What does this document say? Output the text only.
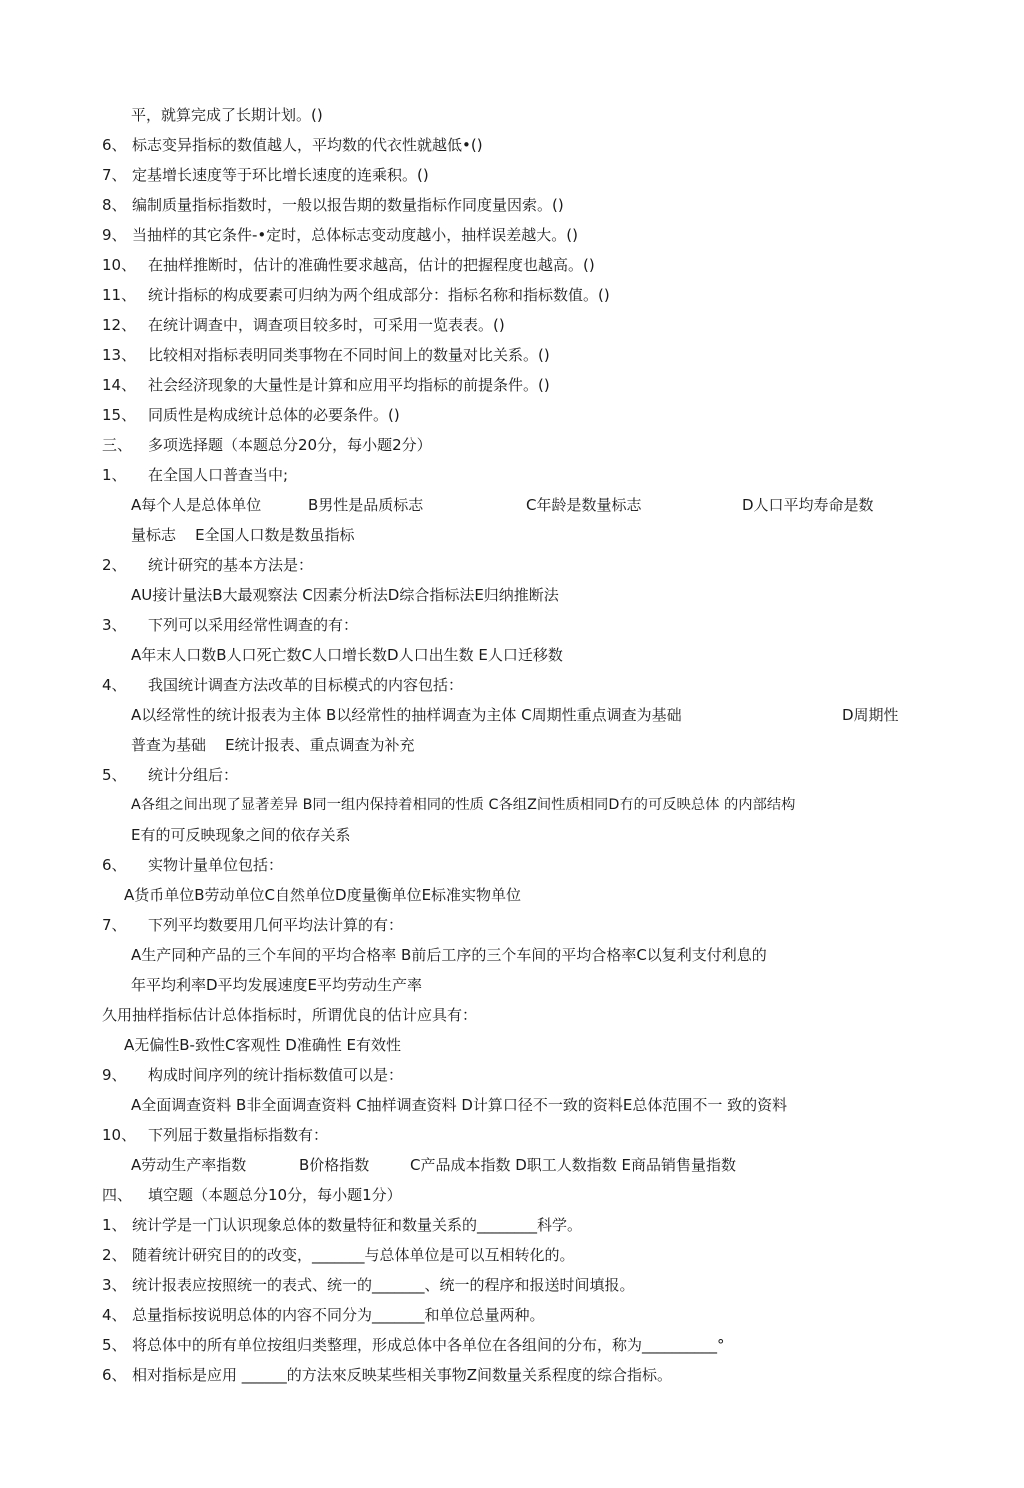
平，就算完成了长期计划。()
6、 标志变异指标的数值越人，平均数的代衣性就越低•()
7、 定基增长速度等于环比增长速度的连乘积。()
8、 编制质量指标指数时，一般以报告期的数量指标作同度量因索。()
9、 当抽样的其它条件-•定时，总体标志变动度越小，抽样误差越大。()
10、 在抽样推断时，估计的准确性要求越高，估计的把握程度也越高。()
11、 统计指标的构成要素可归纳为两个组成部分：指标名称和指标数值。()
12、 在统计调查中，调查项目较多时，可采用一览表表。()
13、 比较相对指标表明同类事物在不同时间上的数量对比关系。()
14、 社会经济现象的大量性是计算和应用平均指标的前提条件。()
15、 同质性是构成统计总体的必要条件。()
三、 多项选择题（本题总分20分，每小题2分）
1、 在全国人口普查当中;
A每个人是总体单位	B男性是品质标志	C年龄是数量标志	D人口平均寿命是数
量标志    E全国人口数是数虽指标
2、 统计研究的基本方法是：
AU接计量法B大最观察法 C因素分析法D综合指标法E归纳推断法
3、 下列可以采用经常性调查的有：
A年末人口数B人口死亡数C人口增长数D人口出生数 E人口迁移数
4、 我国统计调查方法改革的目标模式的内容包括：
A以经常性的统计报表为主体 B以经常性的抽样调查为主体 C周期性重点调查为基础	D周期性
普查为基础    E统计报表、重点调查为补充
5、 统计分组后：
A各组之间出现了显著差异 B同一组内保持着相同的性质 C各组Z间性质相同D冇的可反映总体 的内部结构
E有的可反映现象之间的依存关系
6、 实物计量单位包括：
A货币单位B劳动单位C自然单位D度量衡单位E标准实物单位
7、 下列平均数要用几何平均法计算的有：
A生产同种产品的三个车间的平均合格率 B前后工序的三个车间的平均合格率C以复利支付利息的
年平均利率D平均发展速度E平均劳动生产率
久用抽样指标估计总体指标时，所谓优良的估计应具有：
A无偏性B-致性C客观性 D准确性 E有效性
9、 构成时间序列的统计指标数值可以是：
A全面调查资料 B非全面调查资料 C抽样调查资料 D计算口径不一致的资料E总体范围不一 致的资料
10、 下列屈于数量指标指数有：
A劳动生产率指数	B价格指数	C产品成本指数 D职工人数指数 E商品销售量指数
四、 填空题（本题总分10分，每小题1分）
1、 统计学是一门认识现象总体的数量特征和数量关系的________科学。
2、 随着统计研究目的的改变，_______与总体单位是可以互相转化的。
3、 统计报表应按照统一的表式、统一的_______、统一的程序和报送时间填报。
4、 总量指标按说明总体的内容不同分为_______和单位总量两种。
5、 将总体中的所有单位按组归类整理，形成总体中各单位在各组间的分布，称为__________°
6、 相对指标是应用 ______的方法來反映某些相关事物Z间数量关系程度的综合指标。
